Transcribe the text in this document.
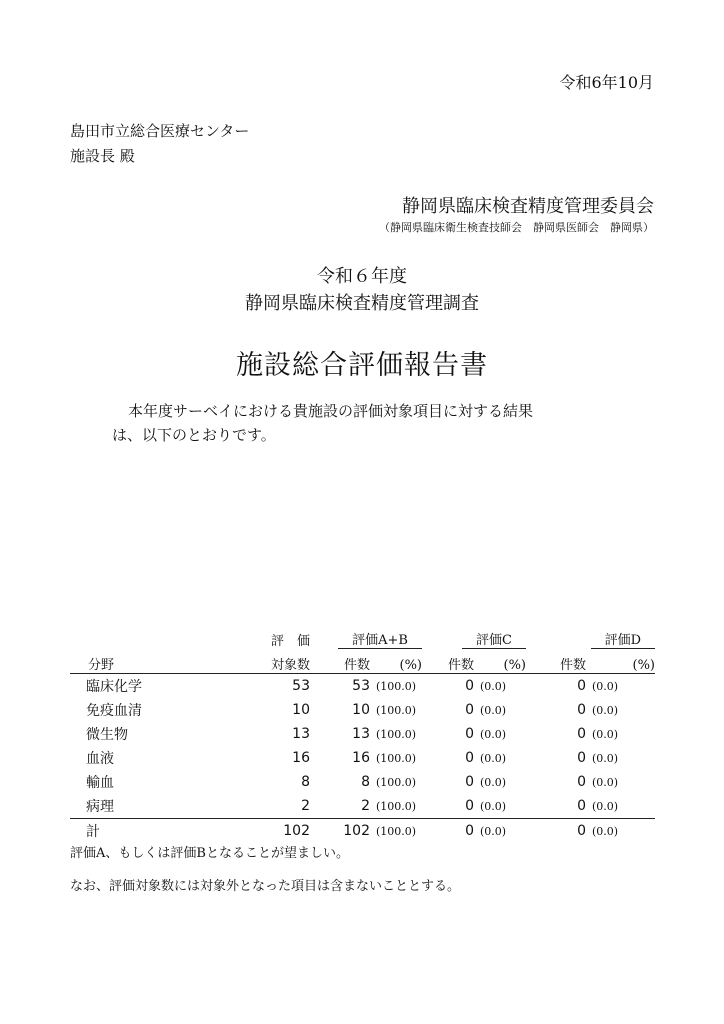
令和6年10月
島田市立総合医療センター
施設長 殿
静岡県臨床検査精度管理委員会
（静岡県臨床衛生検査技師会　静岡県医師会　静岡県）
令和６年度
静岡県臨床検査精度管理調査
施設総合評価報告書
本年度サーベイにおける貴施設の評価対象項目に対する結果
は、以下のとおりです。
	評　価	評価A+B		評価C		評価D	
分野	対象数	件数	(%)	件数	(%)	件数	(%)
臨床化学	53	53	(100.0)	0	(0.0)	0	(0.0)
免疫血清	10	10	(100.0)	0	(0.0)	0	(0.0)
微生物	13	13	(100.0)	0	(0.0)	0	(0.0)
血液	16	16	(100.0)	0	(0.0)	0	(0.0)
輸血	8	8	(100.0)	0	(0.0)	0	(0.0)
病理	2	2	(100.0)	0	(0.0)	0	(0.0)
計	102	102	(100.0)	0	(0.0)	0	(0.0)
評価A、もしくは評価Bとなることが望ましい。
なお、評価対象数には対象外となった項目は含まないこととする。
